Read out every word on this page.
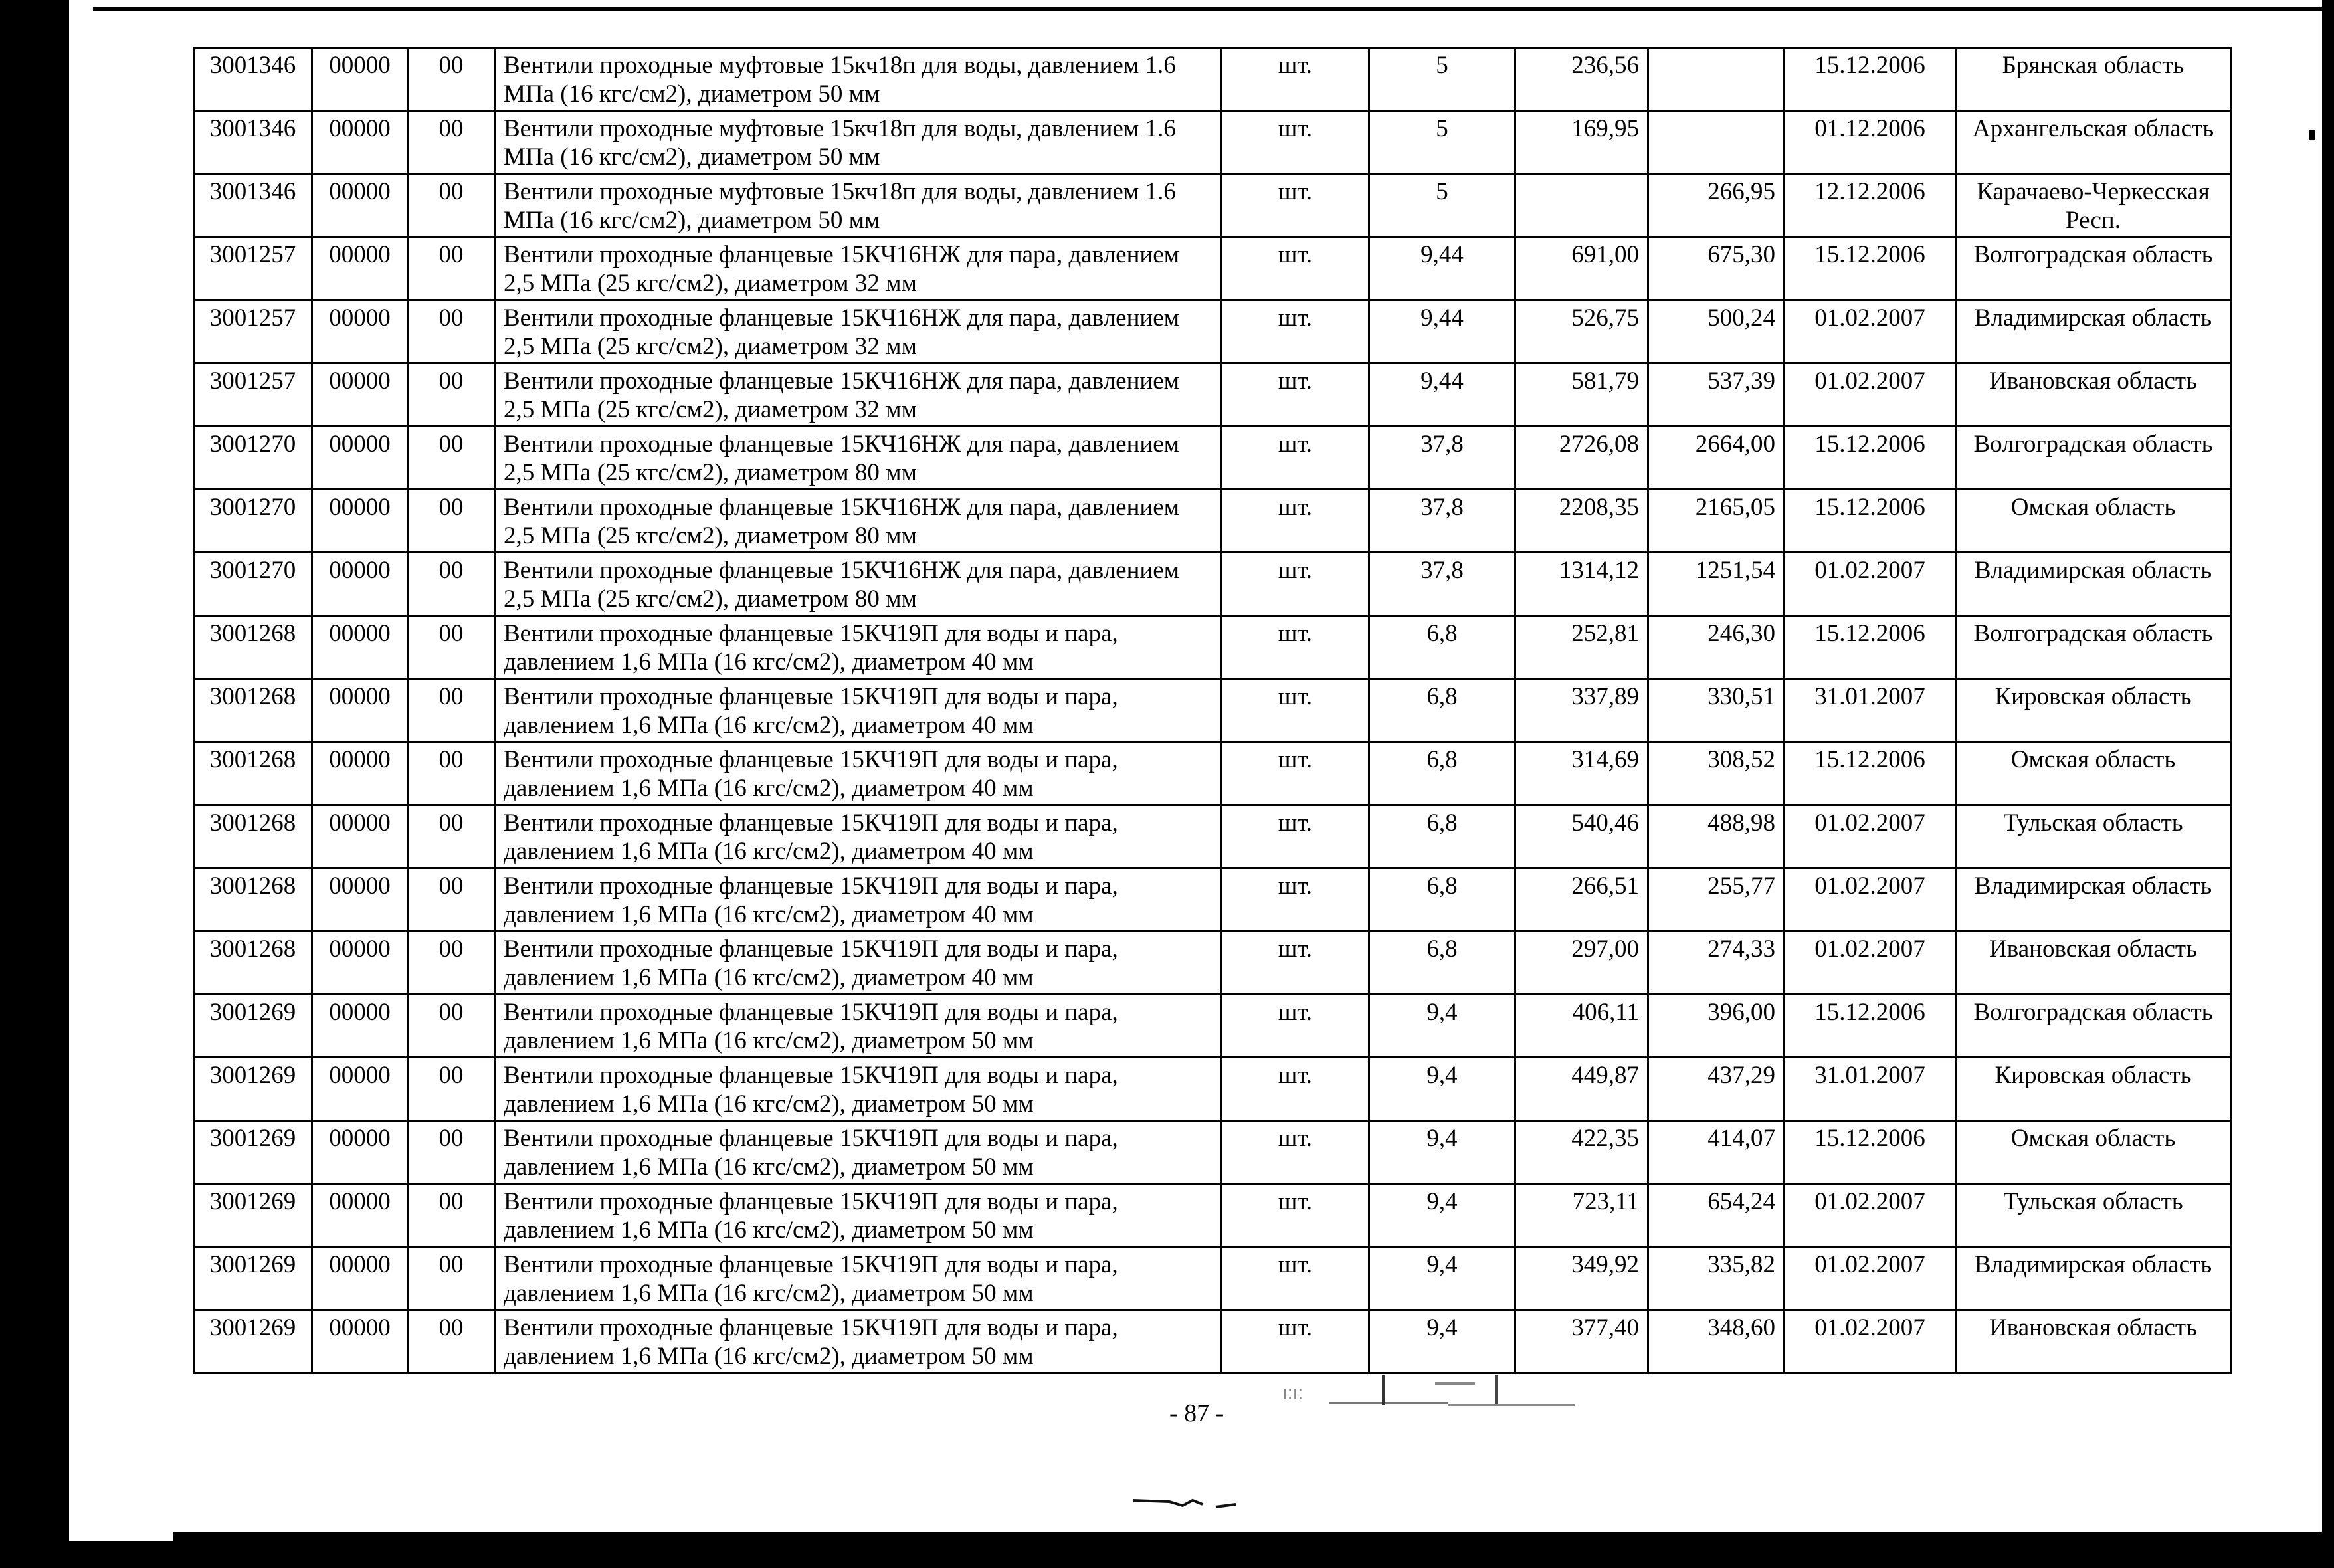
3001346	00000	00	Вентили проходные муфтовые 15кч18п для воды, давлением 1.6 МПа (16 кгс/см2), диаметром 50 мм	шт.	5	236,56		15.12.2006	Брянская область
3001346	00000	00	Вентили проходные муфтовые 15кч18п для воды, давлением 1.6 МПа (16 кгс/см2), диаметром 50 мм	шт.	5	169,95		01.12.2006	Архангельская область
3001346	00000	00	Вентили проходные муфтовые 15кч18п для воды, давлением 1.6 МПа (16 кгс/см2), диаметром 50 мм	шт.	5		266,95	12.12.2006	Карачаево-Черкесская Респ.
3001257	00000	00	Вентили проходные фланцевые 15КЧ16НЖ для пара, давлением 2,5 МПа (25 кгс/см2), диаметром 32 мм	шт.	9,44	691,00	675,30	15.12.2006	Волгоградская область
3001257	00000	00	Вентили проходные фланцевые 15КЧ16НЖ для пара, давлением 2,5 МПа (25 кгс/см2), диаметром 32 мм	шт.	9,44	526,75	500,24	01.02.2007	Владимирская область
3001257	00000	00	Вентили проходные фланцевые 15КЧ16НЖ для пара, давлением 2,5 МПа (25 кгс/см2), диаметром 32 мм	шт.	9,44	581,79	537,39	01.02.2007	Ивановская область
3001270	00000	00	Вентили проходные фланцевые 15КЧ16НЖ для пара, давлением 2,5 МПа (25 кгс/см2), диаметром 80 мм	шт.	37,8	2726,08	2664,00	15.12.2006	Волгоградская область
3001270	00000	00	Вентили проходные фланцевые 15КЧ16НЖ для пара, давлением 2,5 МПа (25 кгс/см2), диаметром 80 мм	шт.	37,8	2208,35	2165,05	15.12.2006	Омская область
3001270	00000	00	Вентили проходные фланцевые 15КЧ16НЖ для пара, давлением 2,5 МПа (25 кгс/см2), диаметром 80 мм	шт.	37,8	1314,12	1251,54	01.02.2007	Владимирская область
3001268	00000	00	Вентили проходные фланцевые 15КЧ19П для воды и пара, давлением 1,6 МПа (16 кгс/см2), диаметром 40 мм	шт.	6,8	252,81	246,30	15.12.2006	Волгоградская область
3001268	00000	00	Вентили проходные фланцевые 15КЧ19П для воды и пара, давлением 1,6 МПа (16 кгс/см2), диаметром 40 мм	шт.	6,8	337,89	330,51	31.01.2007	Кировская область
3001268	00000	00	Вентили проходные фланцевые 15КЧ19П для воды и пара, давлением 1,6 МПа (16 кгс/см2), диаметром 40 мм	шт.	6,8	314,69	308,52	15.12.2006	Омская область
3001268	00000	00	Вентили проходные фланцевые 15КЧ19П для воды и пара, давлением 1,6 МПа (16 кгс/см2), диаметром 40 мм	шт.	6,8	540,46	488,98	01.02.2007	Тульская область
3001268	00000	00	Вентили проходные фланцевые 15КЧ19П для воды и пара, давлением 1,6 МПа (16 кгс/см2), диаметром 40 мм	шт.	6,8	266,51	255,77	01.02.2007	Владимирская область
3001268	00000	00	Вентили проходные фланцевые 15КЧ19П для воды и пара, давлением 1,6 МПа (16 кгс/см2), диаметром 40 мм	шт.	6,8	297,00	274,33	01.02.2007	Ивановская область
3001269	00000	00	Вентили проходные фланцевые 15КЧ19П для воды и пара, давлением 1,6 МПа (16 кгс/см2), диаметром 50 мм	шт.	9,4	406,11	396,00	15.12.2006	Волгоградская область
3001269	00000	00	Вентили проходные фланцевые 15КЧ19П для воды и пара, давлением 1,6 МПа (16 кгс/см2), диаметром 50 мм	шт.	9,4	449,87	437,29	31.01.2007	Кировская область
3001269	00000	00	Вентили проходные фланцевые 15КЧ19П для воды и пара, давлением 1,6 МПа (16 кгс/см2), диаметром 50 мм	шт.	9,4	422,35	414,07	15.12.2006	Омская область
3001269	00000	00	Вентили проходные фланцевые 15КЧ19П для воды и пара, давлением 1,6 МПа (16 кгс/см2), диаметром 50 мм	шт.	9,4	723,11	654,24	01.02.2007	Тульская область
3001269	00000	00	Вентили проходные фланцевые 15КЧ19П для воды и пара, давлением 1,6 МПа (16 кгс/см2), диаметром 50 мм	шт.	9,4	349,92	335,82	01.02.2007	Владимирская область
3001269	00000	00	Вентили проходные фланцевые 15КЧ19П для воды и пара, давлением 1,6 МПа (16 кгс/см2), диаметром 50 мм	шт.	9,4	377,40	348,60	01.02.2007	Ивановская область
- 87 -
ı:ı:
